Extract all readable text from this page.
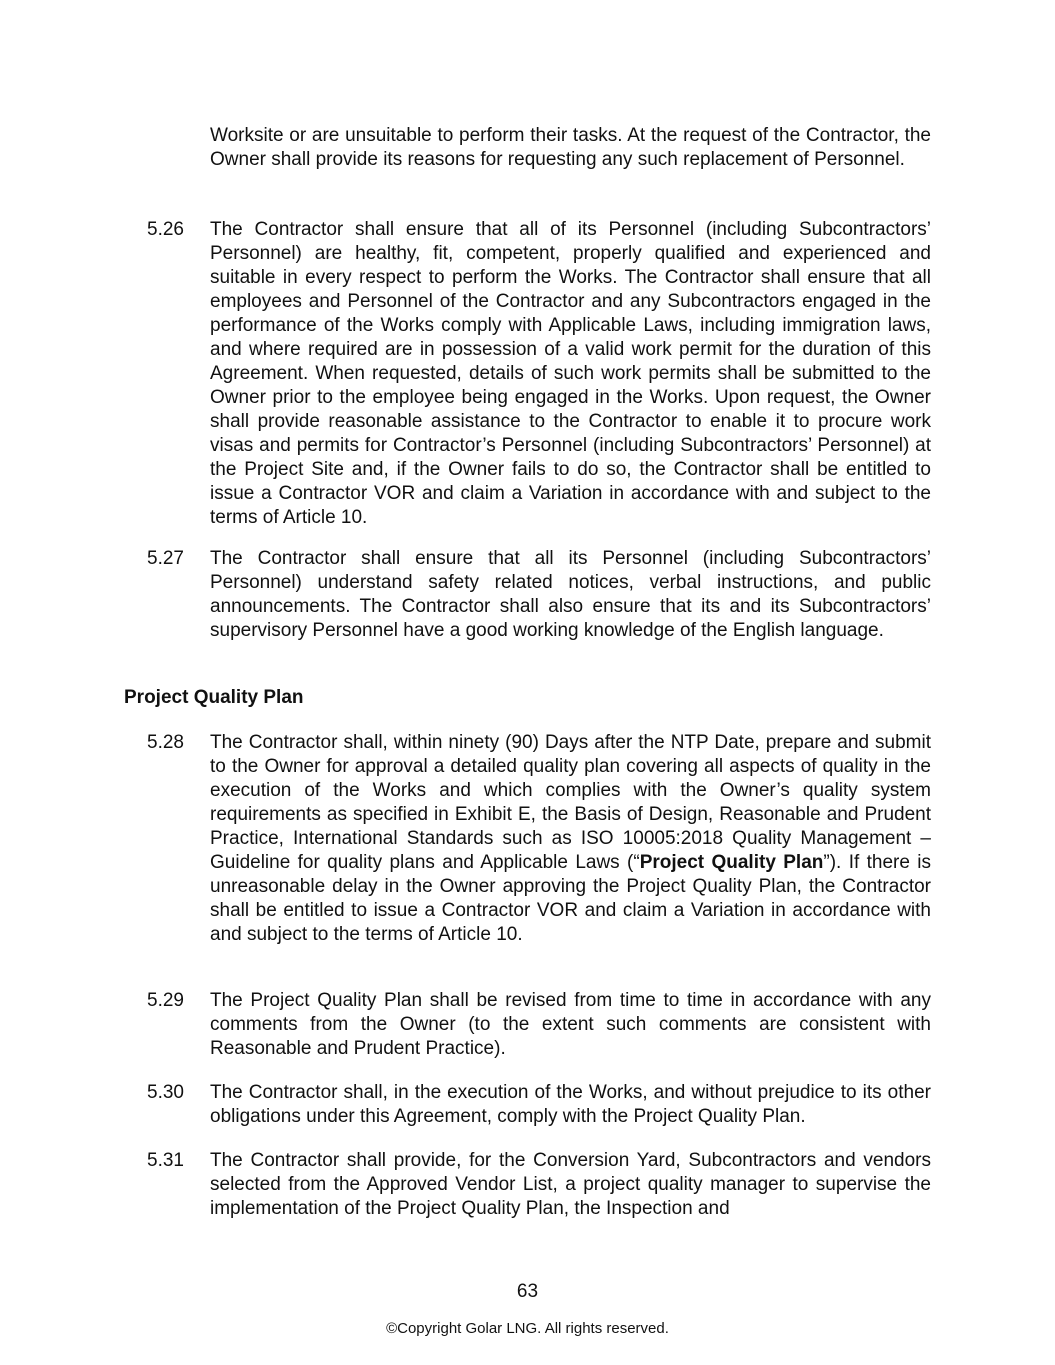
Worksite or are unsuitable to perform their tasks. At the request of the Contractor, the Owner shall provide its reasons for requesting any such replacement of Personnel.

5.26 The Contractor shall ensure that all of its Personnel (including Subcontractors’ Personnel) are healthy, fit, competent, properly qualified and experienced and suitable in every respect to perform the Works. The Contractor shall ensure that all employees and Personnel of the Contractor and any Subcontractors engaged in the performance of the Works comply with Applicable Laws, including immigration laws, and where required are in possession of a valid work permit for the duration of this Agreement. When requested, details of such work permits shall be submitted to the Owner prior to the employee being engaged in the Works. Upon request, the Owner shall provide reasonable assistance to the Contractor to enable it to procure work visas and permits for Contractor’s Personnel (including Subcontractors’ Personnel) at the Project Site and, if the Owner fails to do so, the Contractor shall be entitled to issue a Contractor VOR and claim a Variation in accordance with and subject to the terms of Article 10.

5.27 The Contractor shall ensure that all its Personnel (including Subcontractors’ Personnel) understand safety related notices, verbal instructions, and public announcements. The Contractor shall also ensure that its and its Subcontractors’ supervisory Personnel have a good working knowledge of the English language.

Project Quality Plan

5.28 The Contractor shall, within ninety (90) Days after the NTP Date, prepare and submit to the Owner for approval a detailed quality plan covering all aspects of quality in the execution of the Works and which complies with the Owner’s quality system requirements as specified in Exhibit E, the Basis of Design, Reasonable and Prudent Practice, International Standards such as ISO 10005:2018 Quality Management – Guideline for quality plans and Applicable Laws (“Project Quality Plan”). If there is unreasonable delay in the Owner approving the Project Quality Plan, the Contractor shall be entitled to issue a Contractor VOR and claim a Variation in accordance with and subject to the terms of Article 10.

5.29 The Project Quality Plan shall be revised from time to time in accordance with any comments from the Owner (to the extent such comments are consistent with Reasonable and Prudent Practice).

5.30 The Contractor shall, in the execution of the Works, and without prejudice to its other obligations under this Agreement, comply with the Project Quality Plan.

5.31 The Contractor shall provide, for the Conversion Yard, Subcontractors and vendors selected from the Approved Vendor List, a project quality manager to supervise the implementation of the Project Quality Plan, the Inspection and

63
©Copyright Golar LNG. All rights reserved.
